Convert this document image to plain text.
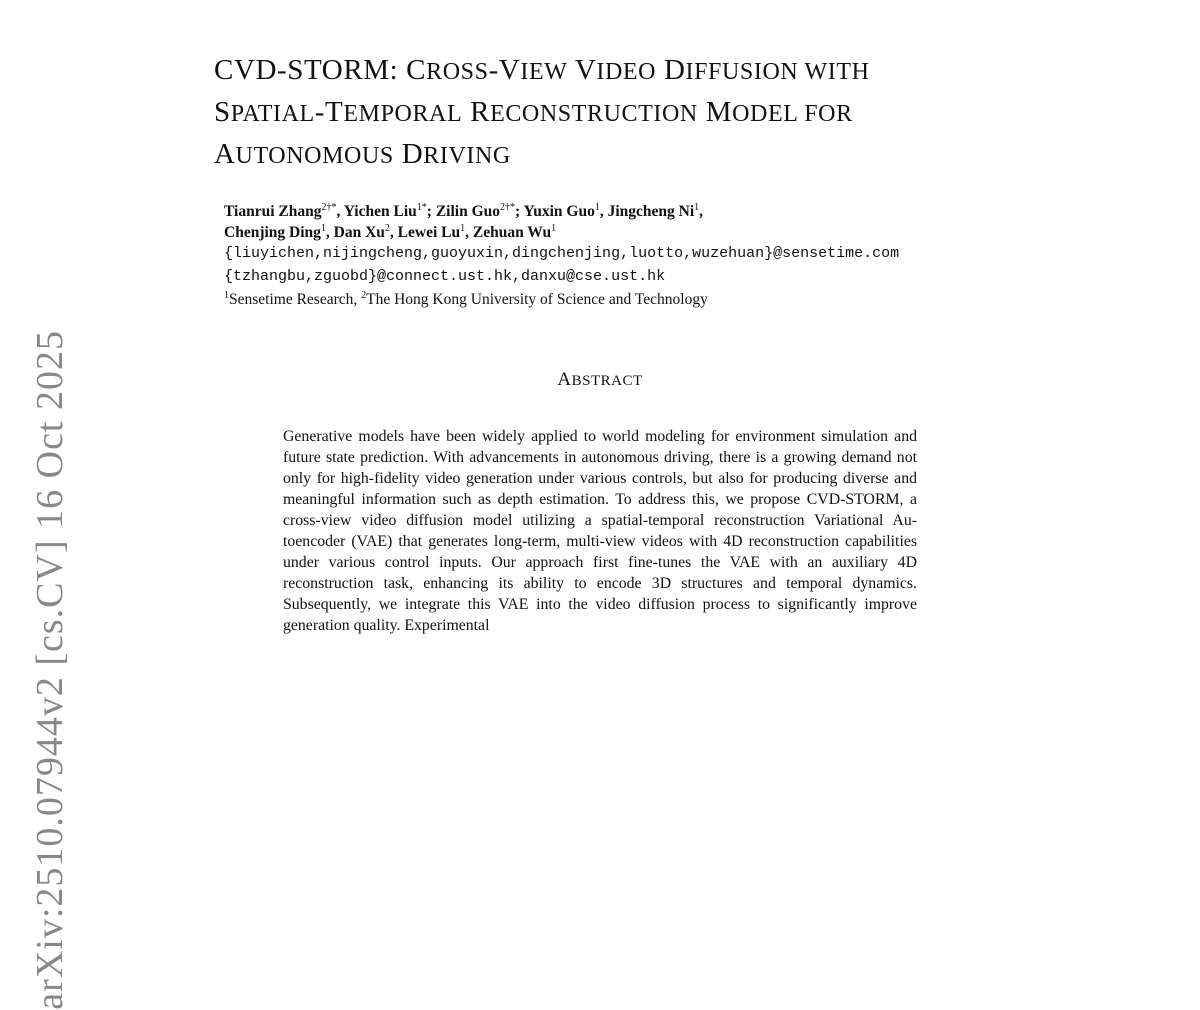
arXiv:2510.07944v2 [cs.CV] 16 Oct 2025
CVD-STORM: CROSS-VIEW VIDEO DIFFUSION WITH
SPATIAL-TEMPORAL RECONSTRUCTION MODEL FOR
AUTONOMOUS DRIVING
Tianrui Zhang$^{2\dagger*}$, Yichen Liu$^{1*}$; Zilin Guo$^{2\dagger*}$; Yuxin Guo$^1$, Jingcheng Ni$^1$,
Chenjing Ding$^1$, Dan Xu$^2$, Lewei Lu$^1$, Zehuan Wu$^1$
{liuyichen,nijingcheng,guoyuxin,dingchenjing,luotto,wuzehuan}@sensetime.com
{tzhangbu,zguobd}@connect.ust.hk,danxu@cse.ust.hk
$^1$Sensetime Research, $^2$The Hong Kong University of Science and Technology
ABSTRACT
Generative models have been widely applied to world modeling for environment simulation and future state prediction. With advancements in autonomous driving, there is a growing demand not only for high-fidelity video generation under various controls, but also for producing diverse and meaningful information such as depth estimation. To address this, we propose CVD-STORM, a cross-view video diffusion model utilizing a spatial-temporal reconstruction Variational Autoencoder (VAE) that generates long-term, multi-view videos with 4D reconstruction capabilities under various control inputs. Our approach first fine-tunes the VAE with an auxiliary 4D reconstruction task, enhancing its ability to encode 3D structures and temporal dynamics. Subsequently, we integrate this VAE into the video diffusion process to significantly improve generation quality. Experimental
